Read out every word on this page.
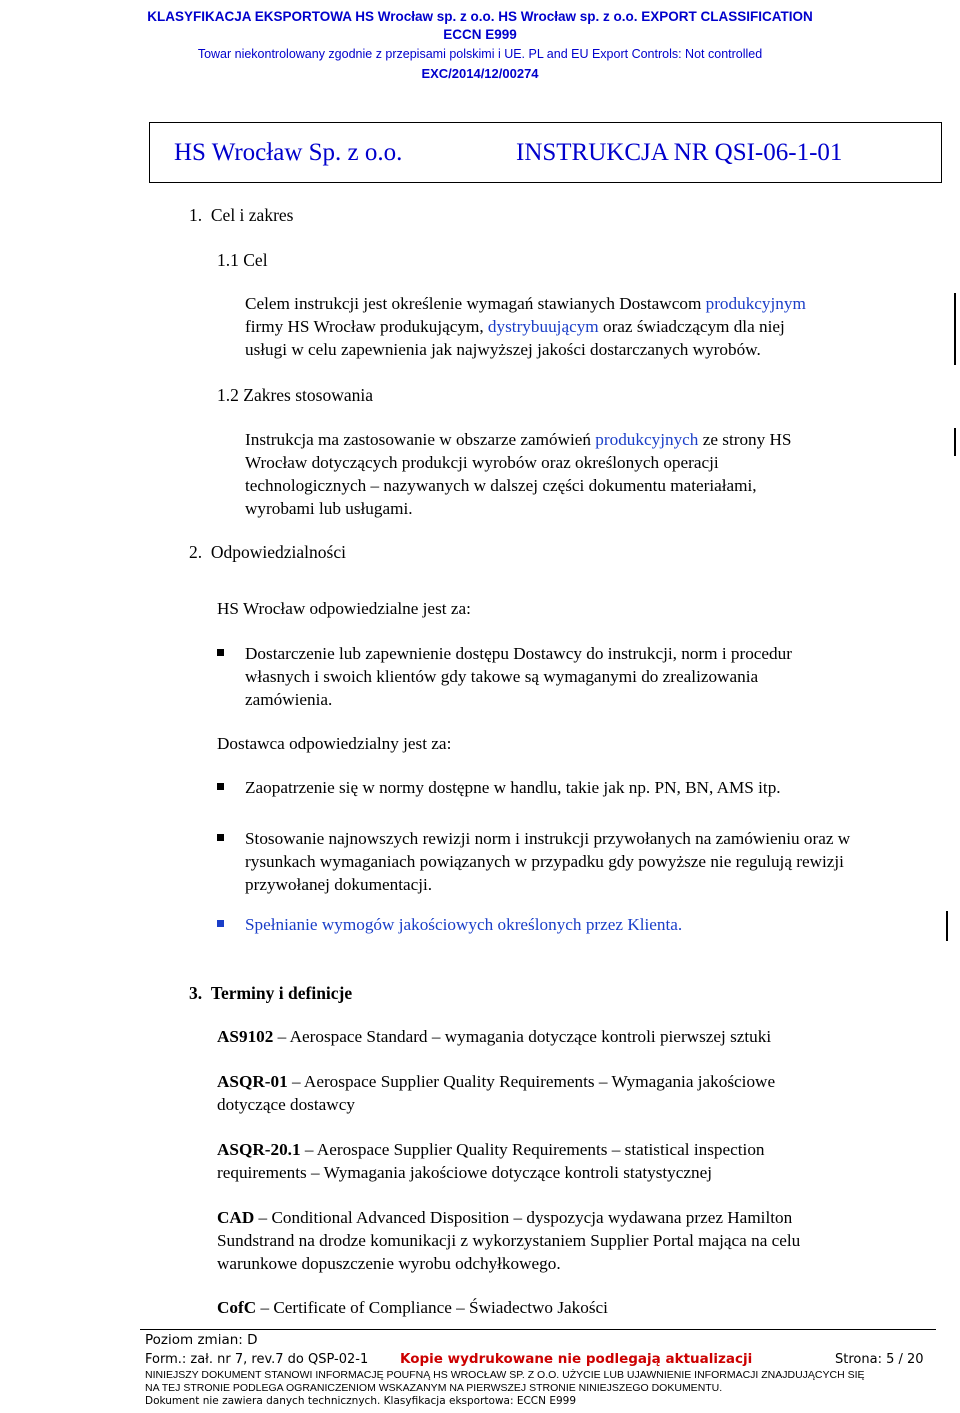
KLASYFIKACJA EKSPORTOWA HS Wrocław sp. z o.o. HS Wrocław sp. z o.o. EXPORT CLASSIFICATION
ECCN E999
Towar niekontrolowany zgodnie z przepisami polskimi i UE. PL and EU Export Controls: Not controlled
EXC/2014/12/00274
HS Wrocław Sp. z o.o.	INSTRUKCJA NR QSI-06-1-01
1.  Cel i zakres
1.1 Cel
Celem instrukcji jest określenie wymagań stawianych Dostawcom produkcyjnym
firmy HS Wrocław produkującym, dystrybuującym oraz świadczącym dla niej
usługi w celu zapewnienia jak najwyższej jakości dostarczanych wyrobów.
1.2 Zakres stosowania
Instrukcja ma zastosowanie w obszarze zamówień produkcyjnych ze strony HS
Wrocław dotyczących produkcji wyrobów oraz określonych operacji
technologicznych – nazywanych w dalszej części dokumentu materiałami,
wyrobami lub usługami.
2.  Odpowiedzialności
HS Wrocław odpowiedzialne jest za:
Dostarczenie lub zapewnienie dostępu Dostawcy do instrukcji, norm i procedur
własnych i swoich klientów gdy takowe są wymaganymi do zrealizowania
zamówienia.
Dostawca odpowiedzialny jest za:
Zaopatrzenie się w normy dostępne w handlu, takie jak np. PN, BN, AMS itp.
Stosowanie najnowszych rewizji norm i instrukcji przywołanych na zamówieniu oraz w
rysunkach wymaganiach powiązanych w przypadku gdy powyższe nie regulują rewizji
przywołanej dokumentacji.
Spełnianie wymogów jakościowych określonych przez Klienta.
3.  Terminy i definicje
AS9102 – Aerospace Standard – wymagania dotyczące kontroli pierwszej sztuki
ASQR-01 – Aerospace Supplier Quality Requirements – Wymagania jakościowe
dotyczące dostawcy
ASQR-20.1 – Aerospace Supplier Quality Requirements – statistical inspection
requirements – Wymagania jakościowe dotyczące kontroli statystycznej
CAD – Conditional Advanced Disposition – dyspozycja wydawana przez Hamilton
Sundstrand na drodze komunikacji z wykorzystaniem Supplier Portal mająca na celu
warunkowe dopuszczenie wyrobu odchyłkowego.
CofC – Certificate of Compliance – Świadectwo Jakości
Poziom zmian: D
Form.: zał. nr 7, rev.7 do QSP-02-1 Kopie wydrukowane nie podlegają aktualizacji	Strona: 5 / 20
NINIEJSZY DOKUMENT STANOWI INFORMACJĘ POUFNĄ HS WROCŁAW SP. Z O.O. UŻYCIE LUB UJAWNIENIE INFORMACJI ZNAJDUJĄCYCH SIĘ
NA TEJ STRONIE PODLEGA OGRANICZENIOM WSKAZANYM NA PIERWSZEJ STRONIE NINIEJSZEGO DOKUMENTU.
Dokument nie zawiera danych technicznych. Klasyfikacja eksportowa: ECCN E999
